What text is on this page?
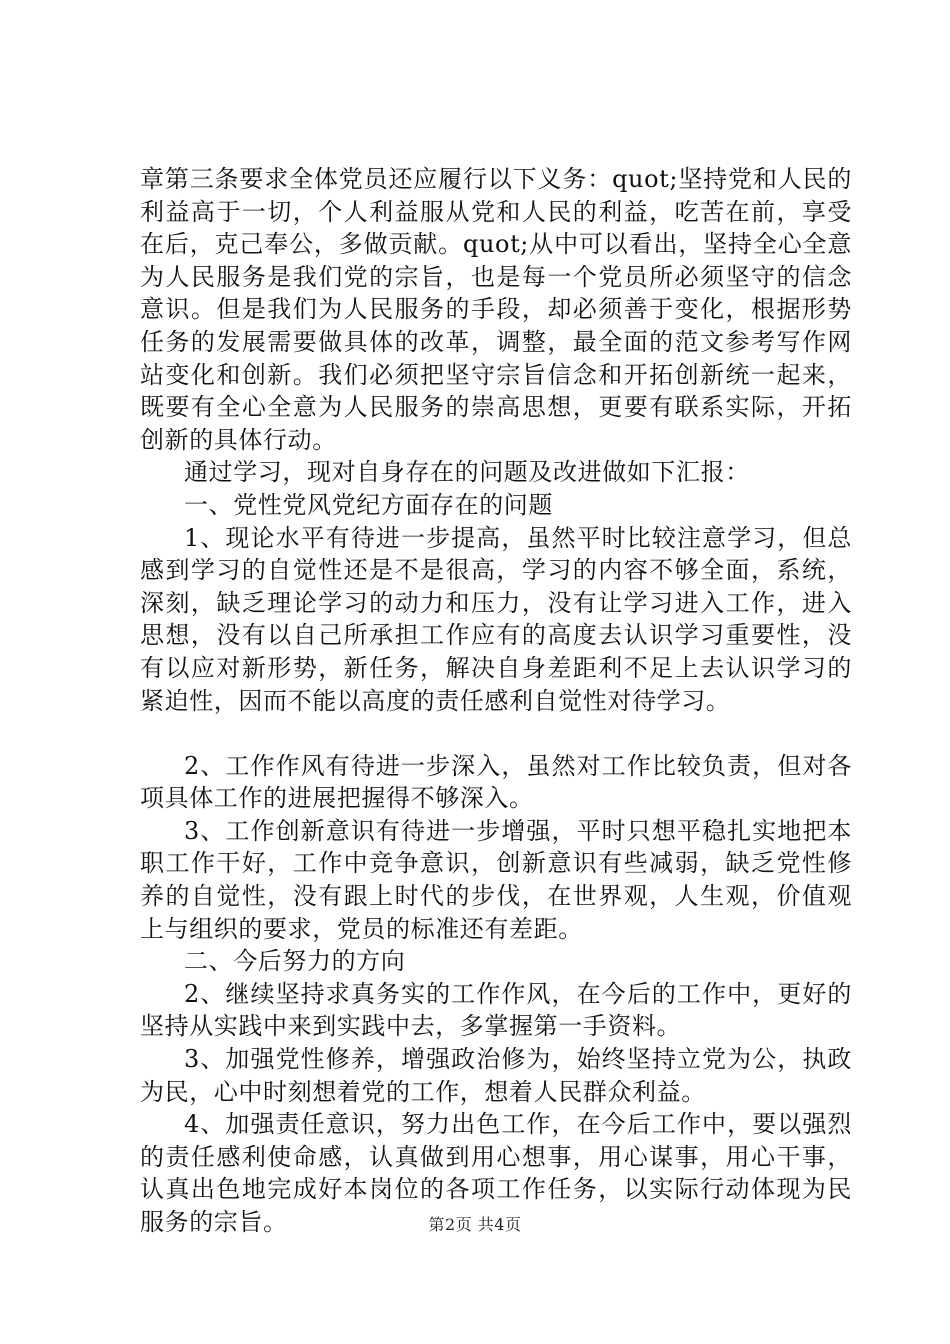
章第三条要求全体党员还应履行以下义务：quot;坚持党和人民的利益高于一切，个人利益服从党和人民的利益，吃苦在前，享受在后，克己奉公，多做贡献。quot;从中可以看出，坚持全心全意为人民服务是我们党的宗旨，也是每一个党员所必须坚守的信念意识。但是我们为人民服务的手段，却必须善于变化，根据形势任务的发展需要做具体的改革，调整，最全面的范文参考写作网站变化和创新。我们必须把坚守宗旨信念和开拓创新统一起来，既要有全心全意为人民服务的崇高思想，更要有联系实际，开拓创新的具体行动。

通过学习，现对自身存在的问题及改进做如下汇报：

一、党性党风党纪方面存在的问题

1、现论水平有待进一步提高，虽然平时比较注意学习，但总感到学习的自觉性还是不是很高，学习的内容不够全面，系统，深刻，缺乏理论学习的动力和压力，没有让学习进入工作，进入思想，没有以自己所承担工作应有的高度去认识学习重要性，没有以应对新形势，新任务，解决自身差距利不足上去认识学习的紧迫性，因而不能以高度的责任感利自觉性对待学习。

2、工作作风有待进一步深入，虽然对工作比较负责，但对各项具体工作的进展把握得不够深入。

3、工作创新意识有待进一步增强，平时只想平稳扎实地把本职工作干好，工作中竞争意识，创新意识有些减弱，缺乏党性修养的自觉性，没有跟上时代的步伐，在世界观，人生观，价值观上与组织的要求，党员的标准还有差距。

二、今后努力的方向

2、继续坚持求真务实的工作作风，在今后的工作中，更好的坚持从实践中来到实践中去，多掌握第一手资料。

3、加强党性修养，增强政治修为，始终坚持立党为公，执政为民，心中时刻想着党的工作，想着人民群众利益。

4、加强责任意识，努力出色工作，在今后工作中，要以强烈的责任感利使命感，认真做到用心想事，用心谋事，用心干事，认真出色地完成好本岗位的各项工作任务，以实际行动体现为民服务的宗旨。	第2页 共4页
